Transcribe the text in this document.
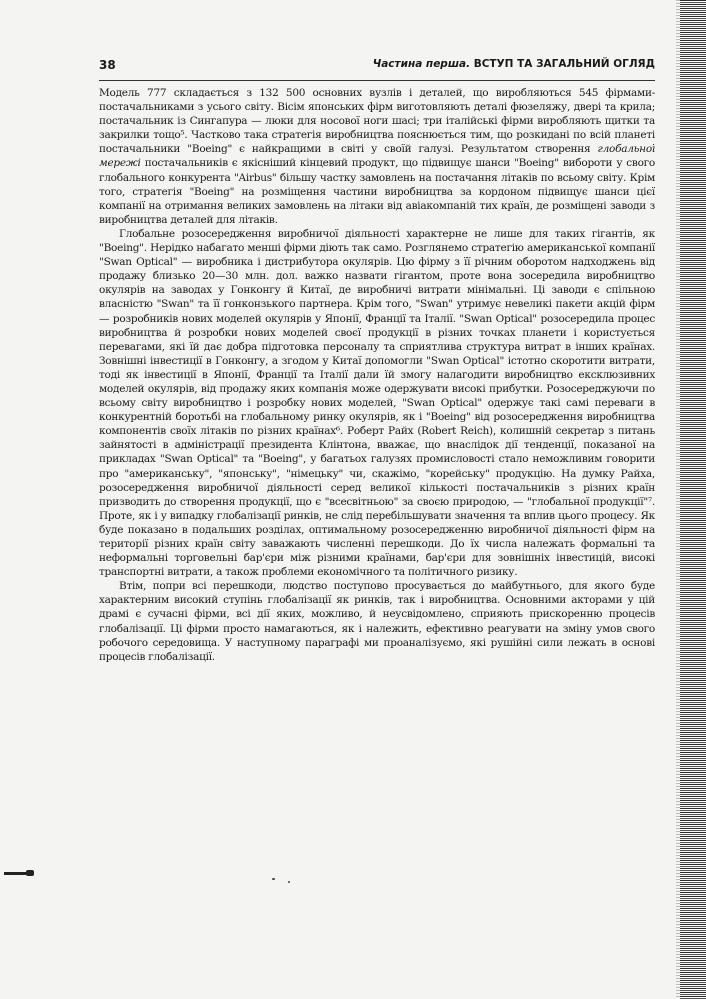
38	Частина перша. ВСТУП ТА ЗАГАЛЬНИЙ ОГЛЯД

Модель 777 складається з 132 500 основних вузлів і деталей, що виробляються 545 фірмами-постачальниками з усього світу. Вісім японських фірм виготовляють деталі фюзеляжу, двері та крила; постачальник із Сингапура — люки для носової ноги шасі; три італійські фірми виробляють щитки та закрилки тощо⁵. Частково така стратегія виробництва пояснюється тим, що розкидані по всій планеті постачальники "Boeing" є найкращими в світі у своїй галузі. Результатом створення глобальної мережі постачальників є якісніший кінцевий продукт, що підвищує шанси "Boeing" вибороти у свого глобального конкурента "Airbus" більшу частку замовлень на постачання літаків по всьому світу. Крім того, стратегія "Boeing" на розміщення частини виробництва за кордоном підвищує шанси цієї компанії на отримання великих замовлень на літаки від авіакомпаній тих країн, де розміщені заводи з виробництва деталей для літаків.

Глобальне розосередження виробничої діяльності характерне не лише для таких гігантів, як "Boeing". Нерідко набагато менші фірми діють так само. Розглянемо стратегію американської компанії "Swan Optical" — виробника і дистрибутора окулярів. Цю фірму з її річним оборотом надходжень від продажу близько 20—30 млн. дол. важко назвати гігантом, проте вона зосередила виробництво окулярів на заводах у Гонконгу й Китаї, де виробничі витрати мінімальні. Ці заводи є спільною власністю "Swan" та її гонконзького партнера. Крім того, "Swan" утримує невеликі пакети акцій фірм — розробників нових моделей окулярів у Японії, Франції та Італії. "Swan Optical" розосередила процес виробництва й розробки нових моделей своєї продукції в різних точках планети і користується перевагами, які їй дає добра підготовка персоналу та сприятлива структура витрат в інших країнах. Зовнішні інвестиції в Гонконгу, а згодом у Китаї допомогли "Swan Optical" істотно скоротити витрати, тоді як інвестиції в Японії, Франції та Італії дали їй змогу налагодити виробництво ексклюзивних моделей окулярів, від продажу яких компанія може одержувати високі прибутки. Розосереджуючи по всьому світу виробництво і розробку нових моделей, "Swan Optical" одержує такі самі переваги в конкурентній боротьбі на глобальному ринку окулярів, як і "Boeing" від розосередження виробництва компонентів своїх літаків по різних країнах⁶. Роберт Райх (Robert Reich), колишній секретар з питань зайнятості в адміністрації президента Клінтона, вважає, що внаслідок дії тенденції, показаної на прикладах "Swan Optical" та "Boeing", у багатьох галузях промисловості стало неможливим говорити про "американську", "японську", "німецьку" чи, скажімо, "корейську" продукцію. На думку Райха, розосередження виробничої діяльності серед великої кількості постачальників з різних країн призводить до створення продукції, що є "всесвітньою" за своєю природою, — "глобальної продукції"⁷. Проте, як і у випадку глобалізації ринків, не слід перебільшувати значення та вплив цього процесу. Як буде показано в подальших розділах, оптимальному розосередженню виробничої діяльності фірм на території різних країн світу заважають численні перешкоди. До їх числа належать формальні та неформальні торговельні бар'єри між різними країнами, бар'єри для зовнішніх інвестицій, високі транспортні витрати, а також проблеми економічного та політичного ризику.

Втім, попри всі перешкоди, людство поступово просувається до майбутнього, для якого буде характерним високий ступінь глобалізації як ринків, так і виробництва. Основними акторами у цій драмі є сучасні фірми, всі дії яких, можливо, й неусвідомлено, сприяють прискоренню процесів глобалізації. Ці фірми просто намагаються, як і належить, ефективно реагувати на зміну умов свого робочого середовища. У наступному параграфі ми проаналізуємо, які рушійні сили лежать в основі процесів глобалізації.
